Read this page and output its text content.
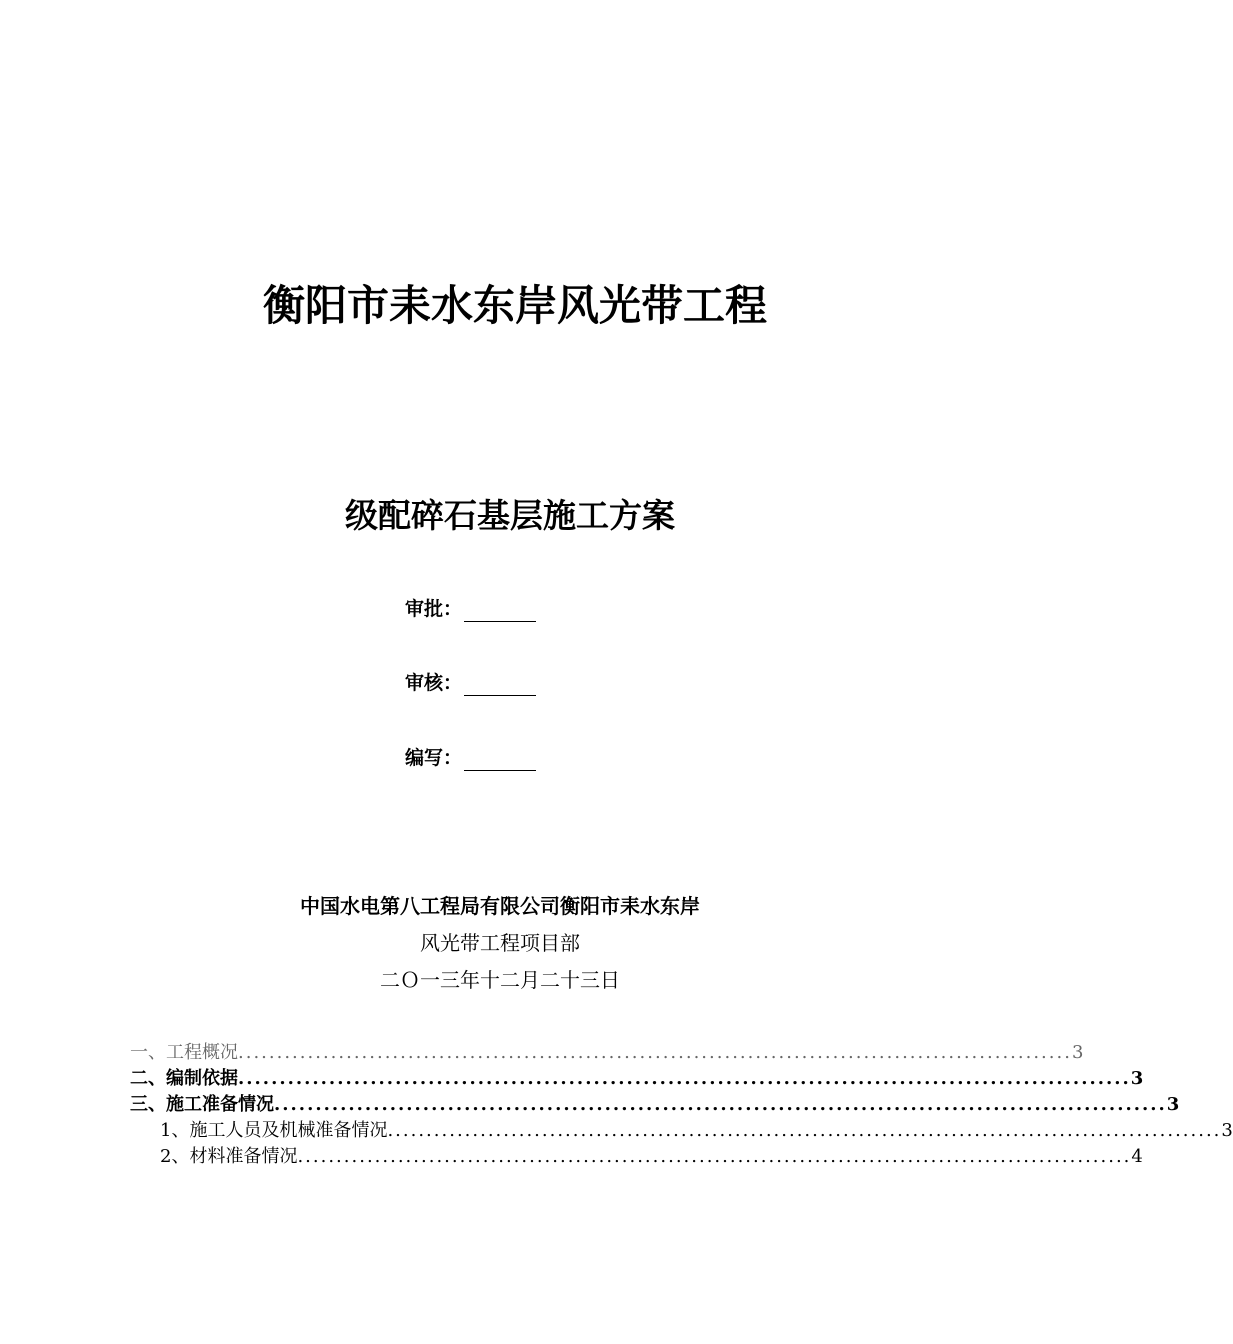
衡阳市耒水东岸风光带工程
级配碎石基层施工方案
审批：
审核：
编写：
中国水电第八工程局有限公司衡阳市耒水东岸
风光带工程项目部
二Ｏ一三年十二月二十三日
一、工程概况 ............................................................................................................ 3
二、编制依据 ............................................................................................................ 3
三、施工准备情况 ............................................................................................................ 3
1、施工人员及机械准备情况 ............................................................................................................ 3
2、材料准备情况 ............................................................................................................ 4
